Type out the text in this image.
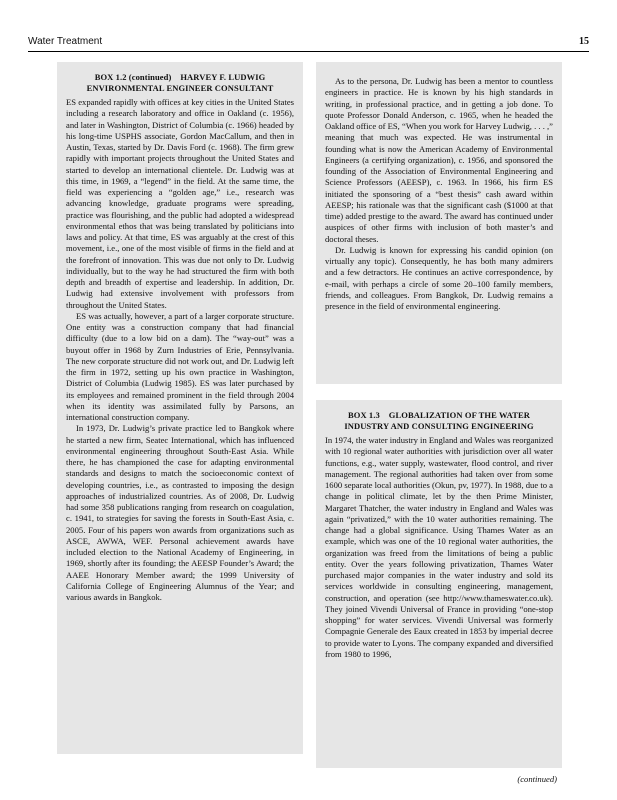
Water Treatment	15
BOX 1.2 (continued)    HARVEY F. LUDWIG
ENVIRONMENTAL ENGINEER CONSULTANT

ES expanded rapidly with offices at key cities in the United States including a research laboratory and office in Oakland (c. 1956), and later in Washington, District of Columbia (c. 1966) headed by his long-time USPHS associate, Gordon MacCallum, and then in Austin, Texas, started by Dr. Davis Ford (c. 1968). The firm grew rapidly with important projects throughout the United States and started to develop an international clientele. Dr. Ludwig was at this time, in 1969, a “legend” in the field. At the same time, the field was experiencing a “golden age,” i.e., research was advancing knowledge, graduate programs were spreading, practice was flourishing, and the public had adopted a widespread environmental ethos that was being translated by politicians into laws and policy. At that time, ES was arguably at the crest of this movement, i.e., one of the most visible of firms in the field and at the forefront of innovation. This was due not only to Dr. Ludwig individually, but to the way he had structured the firm with both depth and breadth of expertise and leadership. In addition, Dr. Ludwig had extensive involvement with professors from throughout the United States.

ES was actually, however, a part of a larger corporate structure. One entity was a construction company that had financial difficulty (due to a low bid on a dam). The “way-out” was a buyout offer in 1968 by Zurn Industries of Erie, Pennsylvania. The new corporate structure did not work out, and Dr. Ludwig left the firm in 1972, setting up his own practice in Washington, District of Columbia (Ludwig 1985). ES was later purchased by its employees and remained prominent in the field through 2004 when its identity was assimilated fully by Parsons, an international construction company.

In 1973, Dr. Ludwig’s private practice led to Bangkok where he started a new firm, Seatec International, which has influenced environmental engineering throughout South-East Asia. While there, he has championed the case for adapting environmental standards and designs to match the socioeconomic context of developing countries, i.e., as contrasted to imposing the design approaches of industrialized countries. As of 2008, Dr. Ludwig had some 358 publications ranging from research on coagulation, c. 1941, to strategies for saving the forests in South-East Asia, c. 2005. Four of his papers won awards from organizations such as ASCE, AWWA, WEF. Personal achievement awards have included election to the National Academy of Engineering, in 1969, shortly after its founding; the AEESP Founder’s Award; the AAEE Honorary Member award; the 1999 University of California College of Engineering Alumnus of the Year; and various awards in Bangkok.

As to the persona, Dr. Ludwig has been a mentor to countless engineers in practice. He is known by his high standards in writing, in professional practice, and in getting a job done. To quote Professor Donald Anderson, c. 1965, when he headed the Oakland office of ES, “When you work for Harvey Ludwig, . . . ,” meaning that much was expected. He was instrumental in founding what is now the American Academy of Environmental Engineers (a certifying organization), c. 1956, and sponsored the founding of the Association of Environmental Engineering and Science Professors (AEESP), c. 1963. In 1966, his firm ES initiated the sponsoring of a “best thesis” cash award within AEESP; his rationale was that the significant cash ($1000 at that time) added prestige to the award. The award has continued under auspices of other firms with inclusion of both master’s and doctoral theses.

Dr. Ludwig is known for expressing his candid opinion (on virtually any topic). Consequently, he has both many admirers and a few detractors. He continues an active correspondence, by e-mail, with perhaps a circle of some 20–100 family members, friends, and colleagues. From Bangkok, Dr. Ludwig remains a presence in the field of environmental engineering.

BOX 1.3    GLOBALIZATION OF THE WATER
INDUSTRY AND CONSULTING ENGINEERING

In 1974, the water industry in England and Wales was reorganized with 10 regional water authorities with jurisdiction over all water functions, e.g., water supply, wastewater, flood control, and river management. The regional authorities had taken over from some 1600 separate local authorities (Okun, pv, 1977). In 1988, due to a change in political climate, let by the then Prime Minister, Margaret Thatcher, the water industry in England and Wales was again “privatized,” with the 10 water authorities remaining. The change had a global significance. Using Thames Water as an example, which was one of the 10 regional water authorities, the organization was freed from the limitations of being a public entity. Over the years following privatization, Thames Water purchased major companies in the water industry and sold its services worldwide in consulting engineering, management, construction, and operation (see http://www.thameswater.co.uk). They joined Vivendi Universal of France in providing “one-stop shopping” for water services. Vivendi Universal was formerly Compagnie Generale des Eaux created in 1853 by imperial decree to provide water to Lyons. The company expanded and diversified from 1980 to 1996,

(continued)
